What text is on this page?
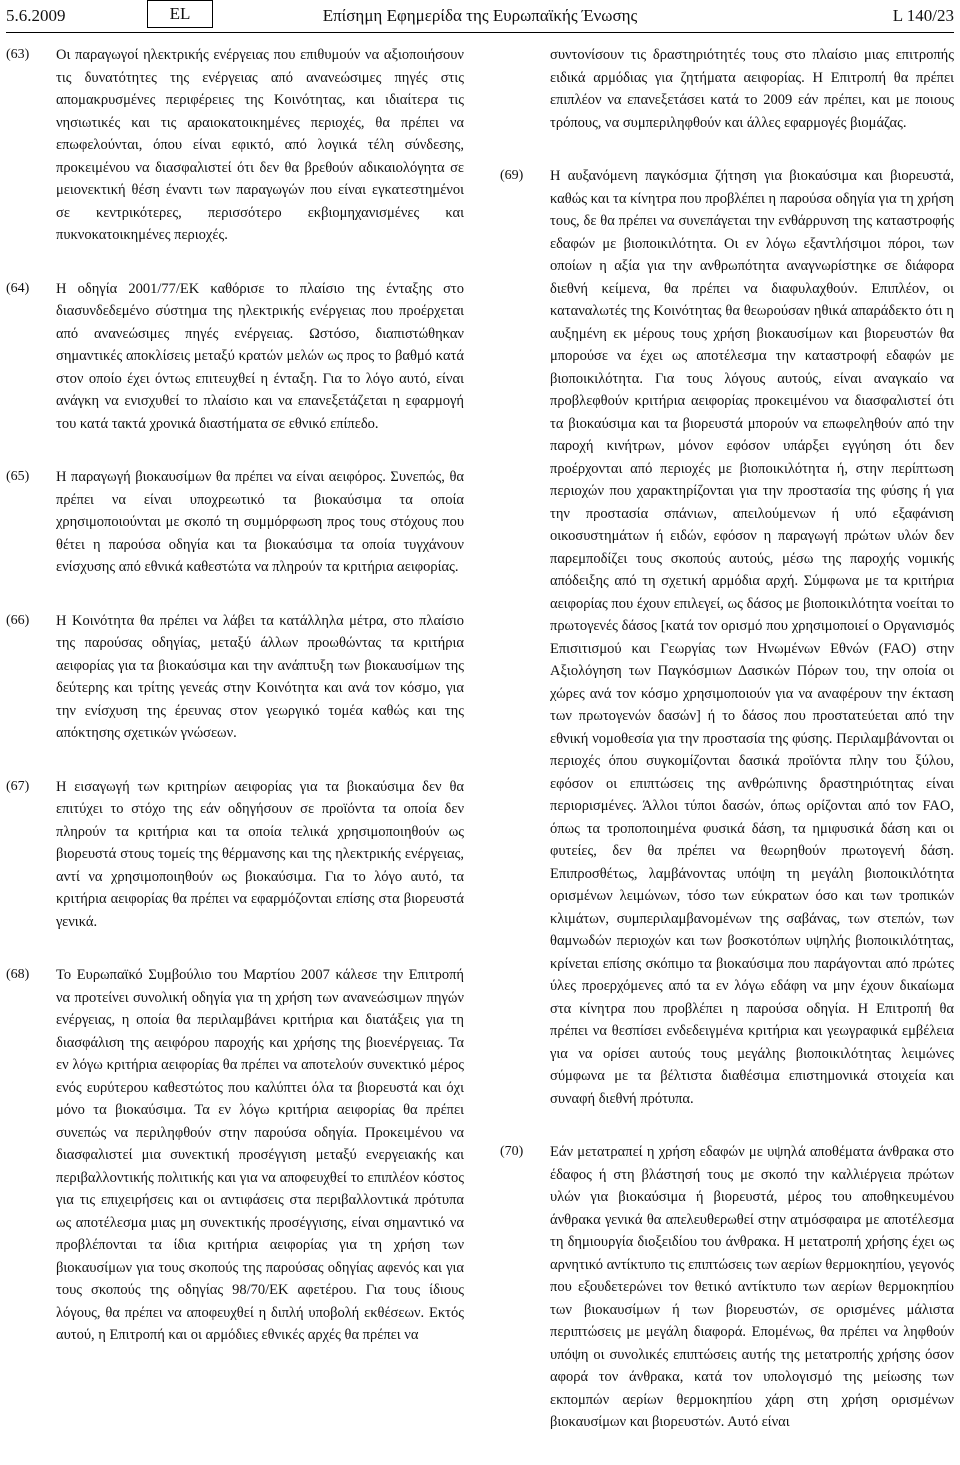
5.6.2009	EL	Επίσημη Εφημερίδα της Ευρωπαϊκής Ένωσης	L 140/23
(63) Οι παραγωγοί ηλεκτρικής ενέργειας που επιθυμούν να αξιοποιήσουν τις δυνατότητες της ενέργειας από ανανεώσιμες πηγές στις απομακρυσμένες περιφέρειες της Κοινότητας, και ιδιαίτερα τις νησιωτικές και τις αραιοκατοικημένες περιοχές, θα πρέπει να επωφελούνται, όπου είναι εφικτό, από λογικά τέλη σύνδεσης, προκειμένου να διασφαλιστεί ότι δεν θα βρεθούν αδικαιολόγητα σε μειονεκτική θέση έναντι των παραγωγών που είναι εγκατεστημένοι σε κεντρικότερες, περισσότερο εκβιομηχανισμένες και πυκνοκατοικημένες περιοχές.
(64) Η οδηγία 2001/77/ΕΚ καθόρισε το πλαίσιο της ένταξης στο διασυνδεδεμένο σύστημα της ηλεκτρικής ενέργειας που προέρχεται από ανανεώσιμες πηγές ενέργειας. Ωστόσο, διαπιστώθηκαν σημαντικές αποκλίσεις μεταξύ κρατών μελών ως προς το βαθμό κατά στον οποίο έχει όντως επιτευχθεί η ένταξη. Για το λόγο αυτό, είναι ανάγκη να ενισχυθεί το πλαίσιο και να επανεξετάζεται η εφαρμογή του κατά τακτά χρονικά διαστήματα σε εθνικό επίπεδο.
(65) Η παραγωγή βιοκαυσίμων θα πρέπει να είναι αειφόρος. Συνεπώς, θα πρέπει να είναι υποχρεωτικό τα βιοκαύσιμα τα οποία χρησιμοποιούνται με σκοπό τη συμμόρφωση προς τους στόχους που θέτει η παρούσα οδηγία και τα βιοκαύσιμα τα οποία τυγχάνουν ενίσχυσης από εθνικά καθεστώτα να πληρούν τα κριτήρια αειφορίας.
(66) Η Κοινότητα θα πρέπει να λάβει τα κατάλληλα μέτρα, στο πλαίσιο της παρούσας οδηγίας, μεταξύ άλλων προωθώντας τα κριτήρια αειφορίας για τα βιοκαύσιμα και την ανάπτυξη των βιοκαυσίμων της δεύτερης και τρίτης γενεάς στην Κοινότητα και ανά τον κόσμο, για την ενίσχυση της έρευνας στον γεωργικό τομέα καθώς και της απόκτησης σχετικών γνώσεων.
(67) Η εισαγωγή των κριτηρίων αειφορίας για τα βιοκαύσιμα δεν θα επιτύχει το στόχο της εάν οδηγήσουν σε προϊόντα τα οποία δεν πληρούν τα κριτήρια και τα οποία τελικά χρησιμοποιηθούν ως βιορευστά στους τομείς της θέρμανσης και της ηλεκτρικής ενέργειας, αντί να χρησιμοποιηθούν ως βιοκαύσιμα. Για το λόγο αυτό, τα κριτήρια αειφορίας θα πρέπει να εφαρμόζονται επίσης στα βιορευστά γενικά.
(68) Το Ευρωπαϊκό Συμβούλιο του Μαρτίου 2007 κάλεσε την Επιτροπή να προτείνει συνολική οδηγία για τη χρήση των ανανεώσιμων πηγών ενέργειας, η οποία θα περιλαμβάνει κριτήρια και διατάξεις για τη διασφάλιση της αειφόρου παροχής και χρήσης της βιοενέργειας. Τα εν λόγω κριτήρια αειφορίας θα πρέπει να αποτελούν συνεκτικό μέρος ενός ευρύτερου καθεστώτος που καλύπτει όλα τα βιορευστά και όχι μόνο τα βιοκαύσιμα. Τα εν λόγω κριτήρια αειφορίας θα πρέπει συνεπώς να περιληφθούν στην παρούσα οδηγία. Προκειμένου να διασφαλιστεί μια συνεκτική προσέγγιση μεταξύ ενεργειακής και περιβαλλοντικής πολιτικής και για να αποφευχθεί το επιπλέον κόστος για τις επιχειρήσεις και οι αντιφάσεις στα περιβαλλοντικά πρότυπα ως αποτέλεσμα μιας μη συνεκτικής προσέγγισης, είναι σημαντικό να προβλέπονται τα ίδια κριτήρια αειφορίας για τη χρήση των βιοκαυσίμων για τους σκοπούς της παρούσας οδηγίας αφενός και για τους σκοπούς της οδηγίας 98/70/ΕΚ αφετέρου. Για τους ίδιους λόγους, θα πρέπει να αποφευχθεί η διπλή υποβολή εκθέσεων. Εκτός αυτού, η Επιτροπή και οι αρμόδιες εθνικές αρχές θα πρέπει να
συντονίσουν τις δραστηριότητές τους στο πλαίσιο μιας επιτροπής ειδικά αρμόδιας για ζητήματα αειφορίας. Η Επιτροπή θα πρέπει επιπλέον να επανεξετάσει κατά το 2009 εάν πρέπει, και με ποιους τρόπους, να συμπεριληφθούν και άλλες εφαρμογές βιομάζας.
(69) Η αυξανόμενη παγκόσμια ζήτηση για βιοκαύσιμα και βιορευστά, καθώς και τα κίνητρα που προβλέπει η παρούσα οδηγία για τη χρήση τους, δε θα πρέπει να συνεπάγεται την ενθάρρυνση της καταστροφής εδαφών με βιοποικιλότητα. Οι εν λόγω εξαντλήσιμοι πόροι, των οποίων η αξία για την ανθρωπότητα αναγνωρίστηκε σε διάφορα διεθνή κείμενα, θα πρέπει να διαφυλαχθούν. Επιπλέον, οι καταναλωτές της Κοινότητας θα θεωρούσαν ηθικά απαράδεκτο ότι η αυξημένη εκ μέρους τους χρήση βιοκαυσίμων και βιορευστών θα μπορούσε να έχει ως αποτέλεσμα την καταστροφή εδαφών με βιοποικιλότητα. Για τους λόγους αυτούς, είναι αναγκαίο να προβλεφθούν κριτήρια αειφορίας προκειμένου να διασφαλιστεί ότι τα βιοκαύσιμα και τα βιορευστά μπορούν να επωφεληθούν από την παροχή κινήτρων, μόνον εφόσον υπάρξει εγγύηση ότι δεν προέρχονται από περιοχές με βιοποικιλότητα ή, στην περίπτωση περιοχών που χαρακτηρίζονται για την προστασία της φύσης ή για την προστασία σπάνιων, απειλούμενων ή υπό εξαφάνιση οικοσυστημάτων ή ειδών, εφόσον η παραγωγή πρώτων υλών δεν παρεμποδίζει τους σκοπούς αυτούς, μέσω της παροχής νομικής απόδειξης από τη σχετική αρμόδια αρχή. Σύμφωνα με τα κριτήρια αειφορίας που έχουν επιλεγεί, ως δάσος με βιοποικιλότητα νοείται το πρωτογενές δάσος [κατά τον ορισμό που χρησιμοποιεί ο Οργανισμός Επισιτισμού και Γεωργίας των Ηνωμένων Εθνών (FAO) στην Αξιολόγηση των Παγκόσμιων Δασικών Πόρων του, την οποία οι χώρες ανά τον κόσμο χρησιμοποιούν για να αναφέρουν την έκταση των πρωτογενών δασών] ή το δάσος που προστατεύεται από την εθνική νομοθεσία για την προστασία της φύσης. Περιλαμβάνονται οι περιοχές όπου συγκομίζονται δασικά προϊόντα πλην του ξύλου, εφόσον οι επιπτώσεις της ανθρώπινης δραστηριότητας είναι περιορισμένες. Άλλοι τύποι δασών, όπως ορίζονται από τον FAO, όπως τα τροποποιημένα φυσικά δάση, τα ημιφυσικά δάση και οι φυτείες, δεν θα πρέπει να θεωρηθούν πρωτογενή δάση. Επιπροσθέτως, λαμβάνοντας υπόψη τη μεγάλη βιοποικιλότητα ορισμένων λειμώνων, τόσο των εύκρατων όσο και των τροπικών κλιμάτων, συμπεριλαμβανομένων της σαβάνας, των στεπών, των θαμνωδών περιοχών και των βοσκοτόπων υψηλής βιοποικιλότητας, κρίνεται επίσης σκόπιμο τα βιοκαύσιμα που παράγονται από πρώτες ύλες προερχόμενες από τα εν λόγω εδάφη να μην έχουν δικαίωμα στα κίνητρα που προβλέπει η παρούσα οδηγία. Η Επιτροπή θα πρέπει να θεσπίσει ενδεδειγμένα κριτήρια και γεωγραφικά εμβέλεια για να ορίσει αυτούς τους μεγάλης βιοποικιλότητας λειμώνες σύμφωνα με τα βέλτιστα διαθέσιμα επιστημονικά στοιχεία και συναφή διεθνή πρότυπα.
(70) Εάν μετατραπεί η χρήση εδαφών με υψηλά αποθέματα άνθρακα στο έδαφος ή στη βλάστησή τους με σκοπό την καλλιέργεια πρώτων υλών για βιοκαύσιμα ή βιορευστά, μέρος του αποθηκευμένου άνθρακα γενικά θα απελευθερωθεί στην ατμόσφαιρα με αποτέλεσμα τη δημιουργία διοξειδίου του άνθρακα. Η μετατροπή χρήσης έχει ως αρνητικό αντίκτυπο τις επιπτώσεις των αερίων θερμοκηπίου, γεγονός που εξουδετερώνει τον θετικό αντίκτυπο των αερίων θερμοκηπίου των βιοκαυσίμων ή των βιορευστών, σε ορισμένες μάλιστα περιπτώσεις με μεγάλη διαφορά. Επομένως, θα πρέπει να ληφθούν υπόψη οι συνολικές επιπτώσεις αυτής της μετατροπής χρήσης όσον αφορά τον άνθρακα, κατά τον υπολογισμό της μείωσης των εκπομπών αερίων θερμοκηπίου χάρη στη χρήση ορισμένων βιοκαυσίμων και βιορευστών. Αυτό είναι
